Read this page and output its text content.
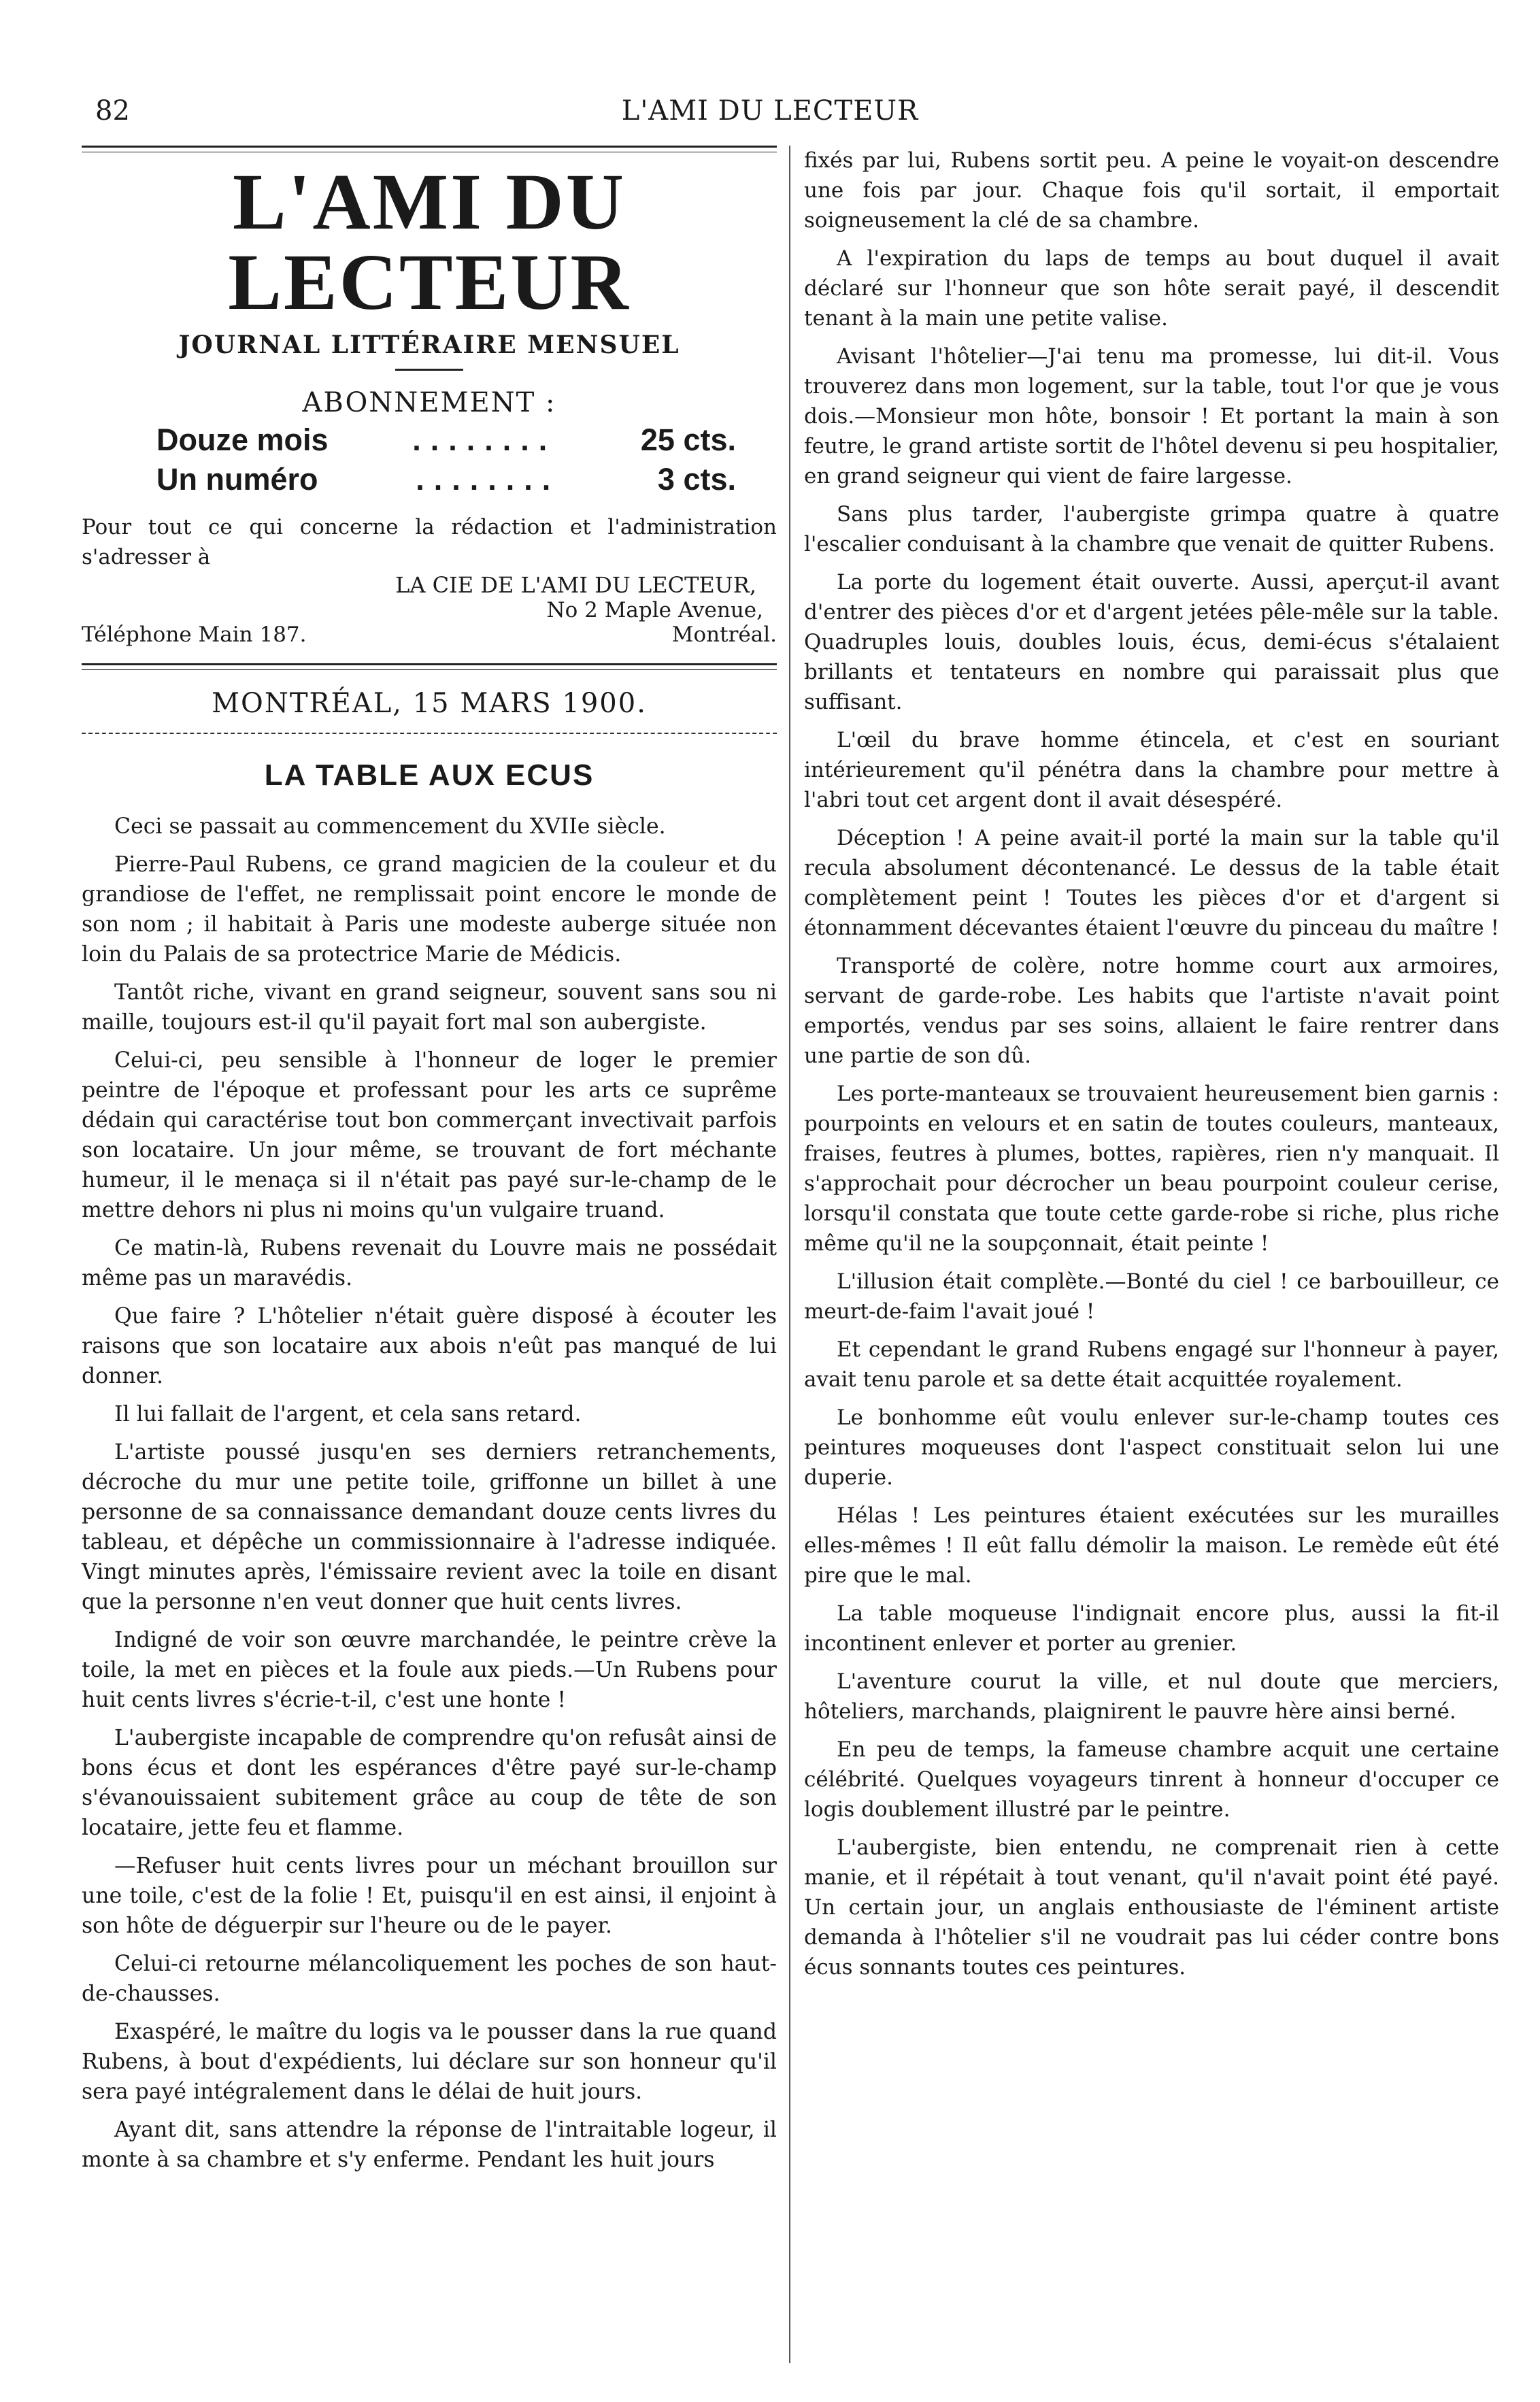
82	L'AMI DU LECTEUR
L'AMI DU LECTEUR
JOURNAL LITTÉRAIRE MENSUEL
ABONNEMENT :
Douze mois	........	25 cts.
Un numéro	........	3 cts.
Pour tout ce qui concerne la rédaction et l'administration s'adresser à
LA CIE DE L'AMI DU LECTEUR,
No 2 Maple Avenue,
Téléphone Main 187.	Montréal.
MONTRÉAL, 15 MARS 1900.
LA TABLE AUX ECUS

Ceci se passait au commencement du XVIIe siècle.

Pierre-Paul Rubens, ce grand magicien de la couleur et du grandiose de l'effet, ne remplissait point encore le monde de son nom ; il habitait à Paris une modeste auberge située non loin du Palais de sa protectrice Marie de Médicis.

Tantôt riche, vivant en grand seigneur, souvent sans sou ni maille, toujours est-il qu'il payait fort mal son aubergiste.

Celui-ci, peu sensible à l'honneur de loger le premier peintre de l'époque et professant pour les arts ce suprême dédain qui caractérise tout bon commerçant invectivait parfois son locataire. Un jour même, se trouvant de fort méchante humeur, il le menaça si il n'était pas payé sur-le-champ de le mettre dehors ni plus ni moins qu'un vulgaire truand.

Ce matin-là, Rubens revenait du Louvre mais ne possédait même pas un maravédis.

Que faire ? L'hôtelier n'était guère disposé à écouter les raisons que son locataire aux abois n'eût pas manqué de lui donner.

Il lui fallait de l'argent, et cela sans retard.

L'artiste poussé jusqu'en ses derniers retranchements, décroche du mur une petite toile, griffonne un billet à une personne de sa connaissance demandant douze cents livres du tableau, et dépêche un commissionnaire à l'adresse indiquée. Vingt minutes après, l'émissaire revient avec la toile en disant que la personne n'en veut donner que huit cents livres.

Indigné de voir son œuvre marchandée, le peintre crève la toile, la met en pièces et la foule aux pieds.—Un Rubens pour huit cents livres s'écrie-t-il, c'est une honte !

L'aubergiste incapable de comprendre qu'on refusât ainsi de bons écus et dont les espérances d'être payé sur-le-champ s'évanouissaient subitement grâce au coup de tête de son locataire, jette feu et flamme.

—Refuser huit cents livres pour un méchant brouillon sur une toile, c'est de la folie ! Et, puisqu'il en est ainsi, il enjoint à son hôte de déguerpir sur l'heure ou de le payer.

Celui-ci retourne mélancoliquement les poches de son haut-de-chausses.

Exaspéré, le maître du logis va le pousser dans la rue quand Rubens, à bout d'expédients, lui déclare sur son honneur qu'il sera payé intégralement dans le délai de huit jours.

Ayant dit, sans attendre la réponse de l'intraitable logeur, il monte à sa chambre et s'y enferme. Pendant les huit jours

fixés par lui, Rubens sortit peu. A peine le voyait-on descendre une fois par jour. Chaque fois qu'il sortait, il emportait soigneusement la clé de sa chambre.

A l'expiration du laps de temps au bout duquel il avait déclaré sur l'honneur que son hôte serait payé, il descendit tenant à la main une petite valise.

Avisant l'hôtelier—J'ai tenu ma promesse, lui dit-il. Vous trouverez dans mon logement, sur la table, tout l'or que je vous dois.—Monsieur mon hôte, bonsoir ! Et portant la main à son feutre, le grand artiste sortit de l'hôtel devenu si peu hospitalier, en grand seigneur qui vient de faire largesse.

Sans plus tarder, l'aubergiste grimpa quatre à quatre l'escalier conduisant à la chambre que venait de quitter Rubens.

La porte du logement était ouverte. Aussi, aperçut-il avant d'entrer des pièces d'or et d'argent jetées pêle-mêle sur la table. Quadruples louis, doubles louis, écus, demi-écus s'étalaient brillants et tentateurs en nombre qui paraissait plus que suffisant.

L'œil du brave homme étincela, et c'est en souriant intérieurement qu'il pénétra dans la chambre pour mettre à l'abri tout cet argent dont il avait désespéré.

Déception ! A peine avait-il porté la main sur la table qu'il recula absolument décontenancé. Le dessus de la table était complètement peint ! Toutes les pièces d'or et d'argent si étonnamment décevantes étaient l'œuvre du pinceau du maître !

Transporté de colère, notre homme court aux armoires, servant de garde-robe. Les habits que l'artiste n'avait point emportés, vendus par ses soins, allaient le faire rentrer dans une partie de son dû.

Les porte-manteaux se trouvaient heureusement bien garnis : pourpoints en velours et en satin de toutes couleurs, manteaux, fraises, feutres à plumes, bottes, rapières, rien n'y manquait. Il s'approchait pour décrocher un beau pourpoint couleur cerise, lorsqu'il constata que toute cette garde-robe si riche, plus riche même qu'il ne la soupçonnait, était peinte !

L'illusion était complète.—Bonté du ciel ! ce barbouilleur, ce meurt-de-faim l'avait joué !

Et cependant le grand Rubens engagé sur l'honneur à payer, avait tenu parole et sa dette était acquittée royalement.

Le bonhomme eût voulu enlever sur-le-champ toutes ces peintures moqueuses dont l'aspect constituait selon lui une duperie.

Hélas ! Les peintures étaient exécutées sur les murailles elles-mêmes ! Il eût fallu démolir la maison. Le remède eût été pire que le mal.

La table moqueuse l'indignait encore plus, aussi la fit-il incontinent enlever et porter au grenier.

L'aventure courut la ville, et nul doute que merciers, hôteliers, marchands, plaignirent le pauvre hère ainsi berné.

En peu de temps, la fameuse chambre acquit une certaine célébrité. Quelques voyageurs tinrent à honneur d'occuper ce logis doublement illustré par le peintre.

L'aubergiste, bien entendu, ne comprenait rien à cette manie, et il répétait à tout venant, qu'il n'avait point été payé. Un certain jour, un anglais enthousiaste de l'éminent artiste demanda à l'hôtelier s'il ne voudrait pas lui céder contre bons écus sonnants toutes ces peintures.
